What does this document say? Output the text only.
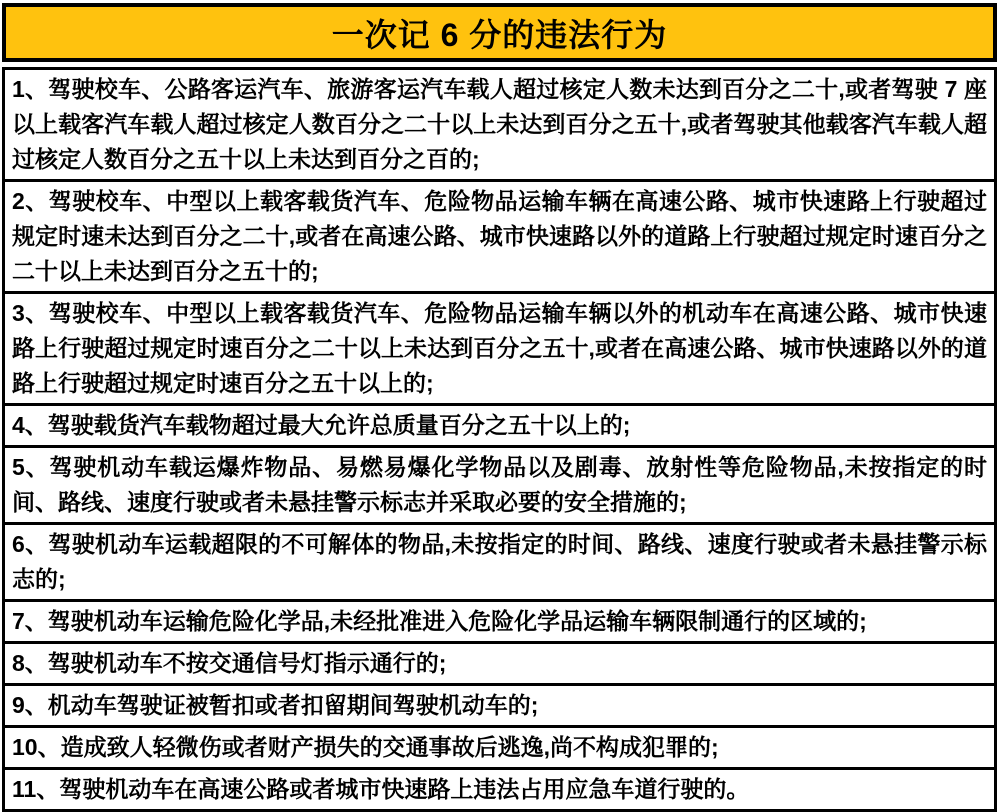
一次记 6 分的违法行为
1、驾驶校车、公路客运汽车、旅游客运汽车载人超过核定人数未达到百分之二十,或者驾驶 7 座以上载客汽车载人超过核定人数百分之二十以上未达到百分之五十,或者驾驶其他载客汽车载人超过核定人数百分之五十以上未达到百分之百的;
2、驾驶校车、中型以上载客载货汽车、危险物品运输车辆在高速公路、城市快速路上行驶超过规定时速未达到百分之二十,或者在高速公路、城市快速路以外的道路上行驶超过规定时速百分之二十以上未达到百分之五十的;
3、驾驶校车、中型以上载客载货汽车、危险物品运输车辆以外的机动车在高速公路、城市快速路上行驶超过规定时速百分之二十以上未达到百分之五十,或者在高速公路、城市快速路以外的道路上行驶超过规定时速百分之五十以上的;
4、驾驶载货汽车载物超过最大允许总质量百分之五十以上的;
5、驾驶机动车载运爆炸物品、易燃易爆化学物品以及剧毒、放射性等危险物品,未按指定的时间、路线、速度行驶或者未悬挂警示标志并采取必要的安全措施的;
6、驾驶机动车运载超限的不可解体的物品,未按指定的时间、路线、速度行驶或者未悬挂警示标志的;
7、驾驶机动车运输危险化学品,未经批准进入危险化学品运输车辆限制通行的区域的;
8、驾驶机动车不按交通信号灯指示通行的;
9、机动车驾驶证被暂扣或者扣留期间驾驶机动车的;
10、造成致人轻微伤或者财产损失的交通事故后逃逸,尚不构成犯罪的;
11、驾驶机动车在高速公路或者城市快速路上违法占用应急车道行驶的。
